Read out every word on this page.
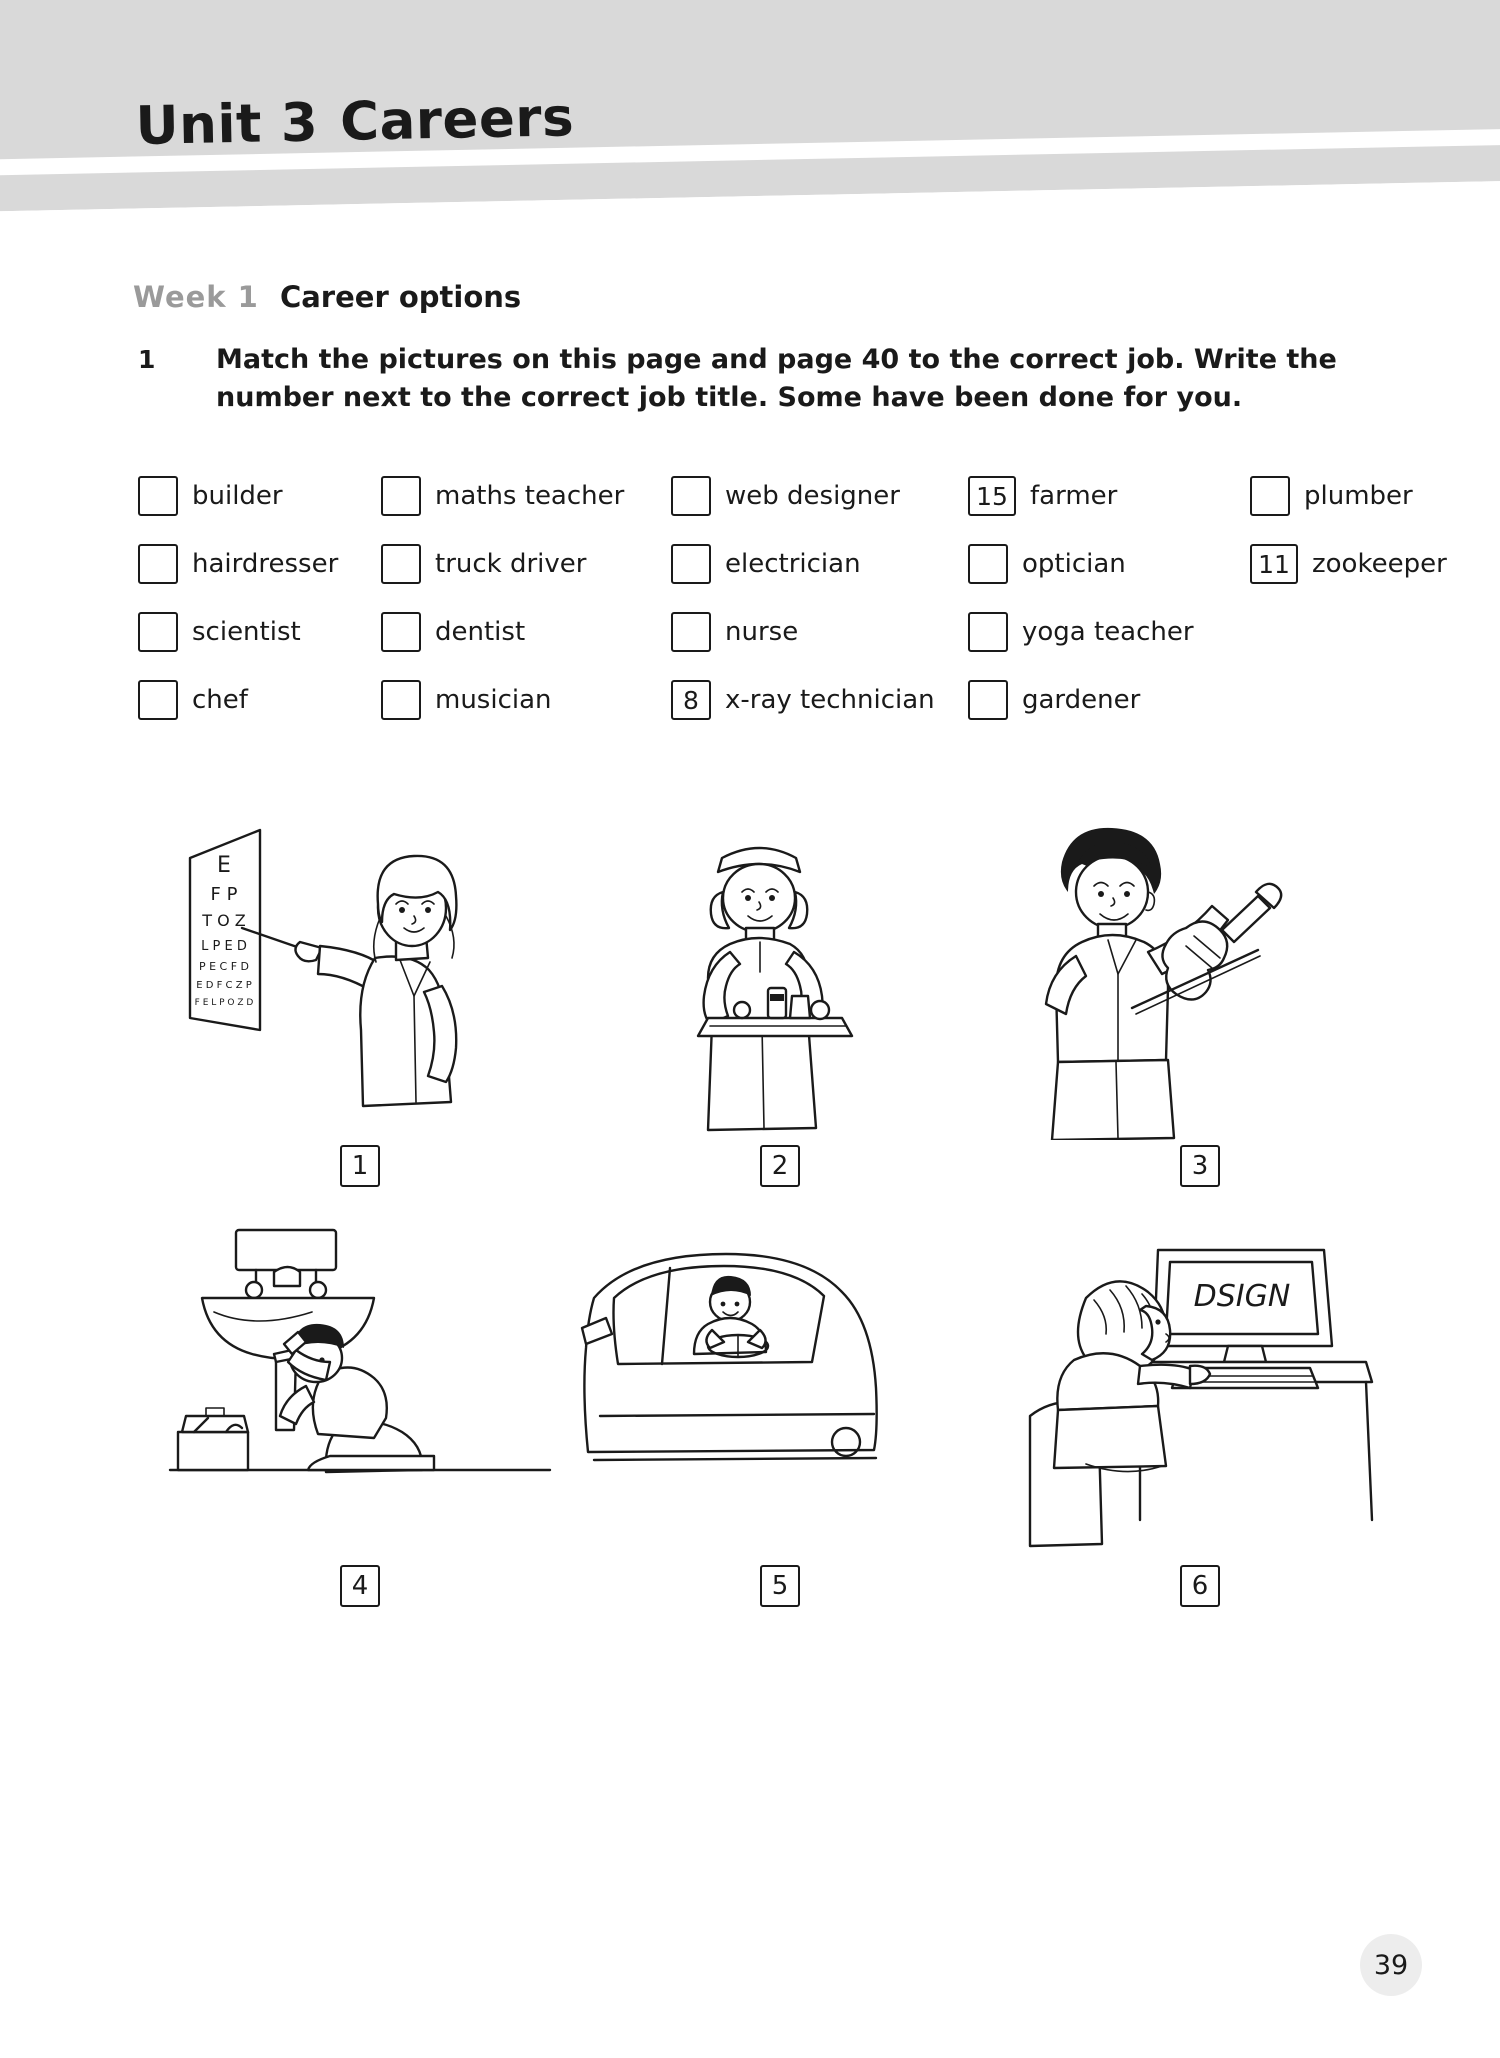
Unit 3 Careers
Week 1 Career options
1 Match the pictures on this page and page 40 to the correct job. Write the number next to the correct job title. Some have been done for you.
builder	maths teacher	web designer	15 farmer	plumber
hairdresser	truck driver	electrician	optician	11 zookeeper
scientist	dentist	nurse	yoga teacher
chef	musician	8	x-ray technician	gardener
E
F P
T O Z
L P E D
P E C F D
E D F C Z P
F E L P O Z D
1	2	3
4	5
DSIGN
6
39
